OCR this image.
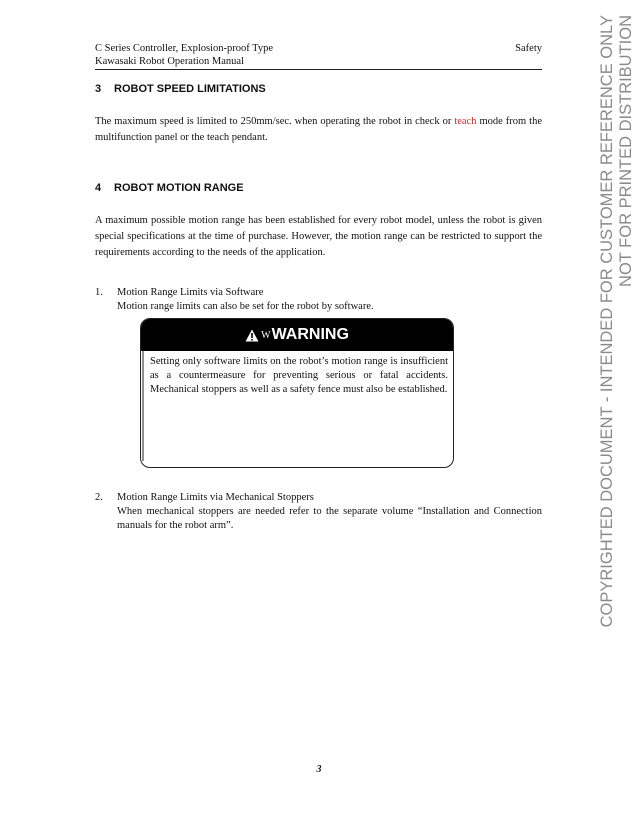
C Series Controller, Explosion-proof Type	Safety
Kawasaki Robot Operation Manual
3 ROBOT SPEED LIMITATIONS
The maximum speed is limited to 250mm/sec. when operating the robot in check or teach mode from the multifunction panel or the teach pendant.
4 ROBOT MOTION RANGE
A maximum possible motion range has been established for every robot model, unless the robot is given special specifications at the time of purchase. However, the motion range can be restricted to support the requirements according to the needs of the application.
1. Motion Range Limits via Software
Motion range limits can also be set for the robot by software.
W WARNING
Setting only software limits on the robot’s motion range is insufficient as a countermeasure for preventing serious or fatal accidents. Mechanical stoppers as well as a safety fence must also be established.
2. Motion Range Limits via Mechanical Stoppers
When mechanical stoppers are needed refer to the separate volume “Installation and Connection manuals for the robot arm”.
3
COPYRIGHTED DOCUMENT - INTENDED FOR CUSTOMER REFERENCE ONLY NOT FOR PRINTED DISTRIBUTION
